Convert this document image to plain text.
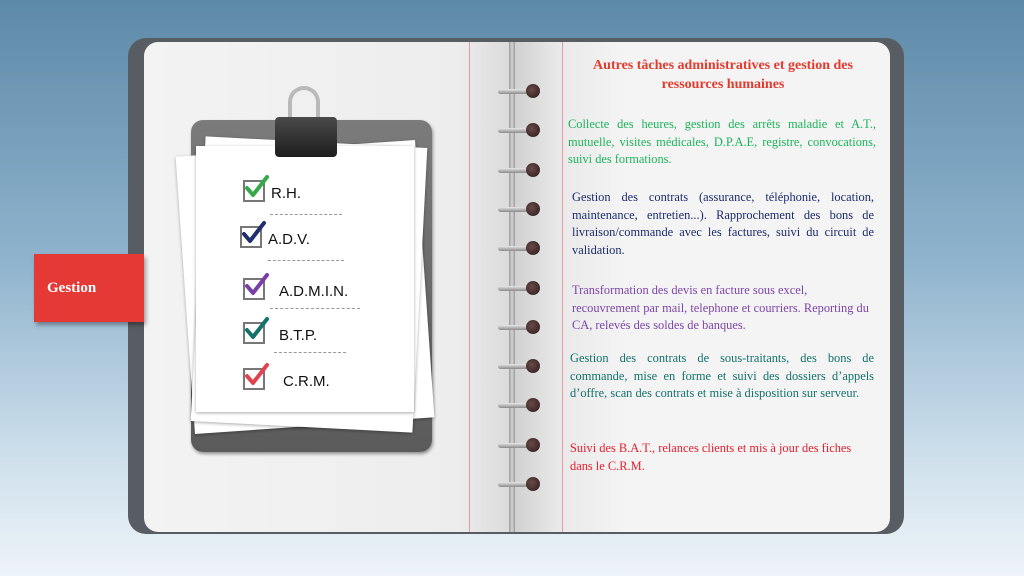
Gestion
R.H.
A.D.V.
A.D.M.I.N.
B.T.P.
C.R.M.
Autres tâches administratives et gestion des ressources humaines
Collecte des heures, gestion des arrêts maladie et A.T., mutuelle, visites médicales, D.P.A.E, registre, convocations, suivi des formations.
Gestion des contrats (assurance, téléphonie, location, maintenance, entretien...). Rapprochement des bons de livraison/commande avec les factures, suivi du circuit de validation.
Transformation des devis en facture sous excel, recouvrement par mail, telephone et courriers. Reporting du CA, relevés des soldes de banques.
Gestion des contrats de sous-traitants, des bons de commande, mise en forme et suivi des dossiers d’appels d’offre, scan des contrats et mise à disposition sur serveur.
Suivi des B.A.T., relances clients et mis à jour des fiches dans le C.R.M.
